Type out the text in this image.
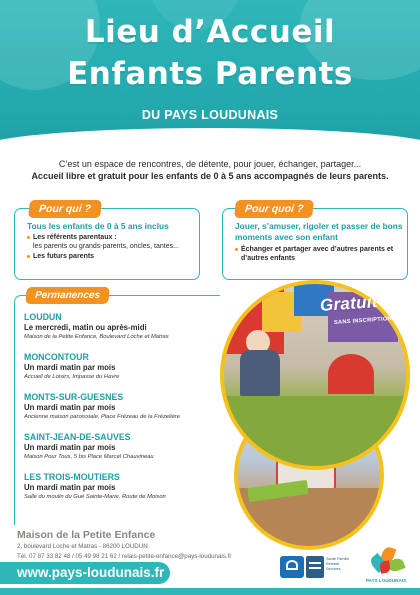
Lieu d’Accueil
Enfants Parents
DU PAYS LOUDUNAIS
C’est un espace de rencontres, de détente, pour jouer, échanger, partager...
Accueil libre et gratuit pour les enfants de 0 à 5 ans accompagnés de leurs parents.
Pour qui ?
Tous les enfants de 0 à 5 ans inclus
Les référents parentaux :
les parents ou grands-parents, oncles, tantes...
Les futurs parents
Pour quoi ?
Jouer, s’amuser, rigoler et passer de bons moments avec son enfant
Échanger et partager avec d’autres parents et d’autres enfants
Permanences
LOUDUN
Le mercredi, matin ou après-midi
Maison de la Petite Enfance, Boulevard Loche et Matras
MONCONTOUR
Un mardi matin par mois
Accueil de Loisirs, Impasse du Havre
MONTS-SUR-GUESNES
Un mardi matin par mois
Ancienne maison paroissiale, Place Frézeau de la Frézelière
SAINT-JEAN-DE-SAUVES
Un mardi matin par mois
Maison Pour Tous, 5 bis Place Marcel Chauvineau
LES TROIS-MOUTIERS
Un mardi matin par mois
Salle du moulin du Gué Sainte-Marie, Route de Moison
Gratuit
SANS INSCRIPTION
Maison de la Petite Enfance
2, boulevard Loche et Matras - 86200 LOUDUN
Tél. 07 87 33 82 48 / 05 49 98 21 62 / relais-petite-enfance@pays-loudunais.fr
www.pays-loudunais.fr
Santé Famille Retraite Services
PAYS LOUDUNAIS
